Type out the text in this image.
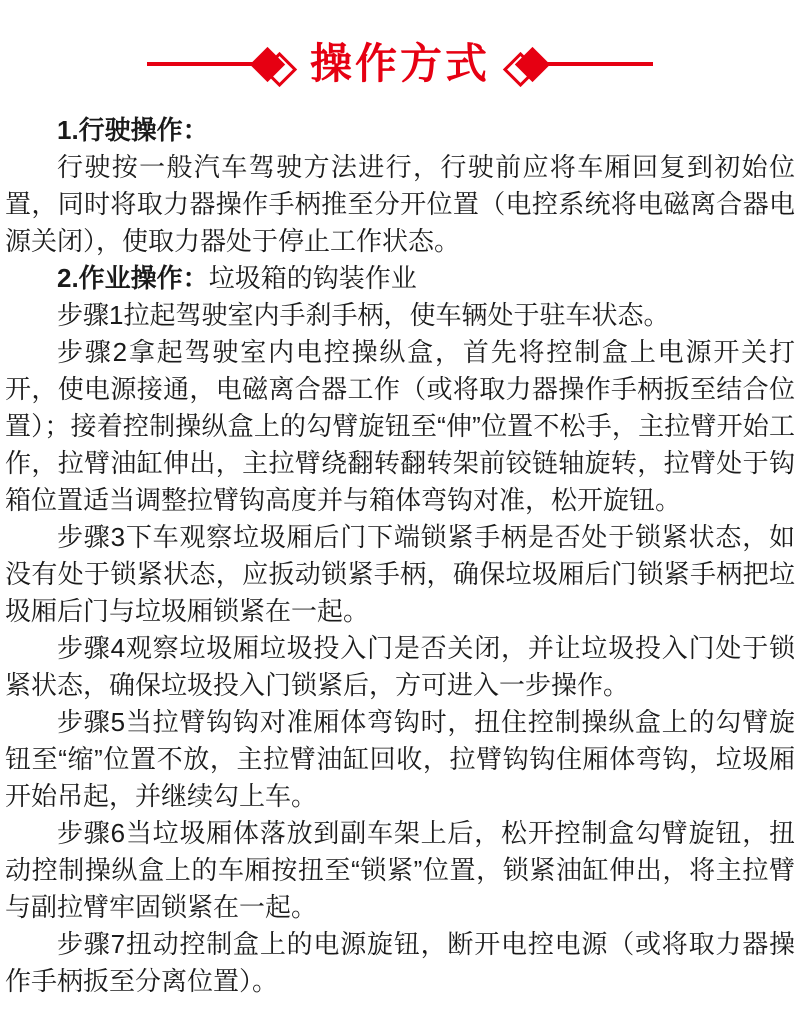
操作方式

1.行驶操作：

行驶按一般汽车驾驶方法进行，行驶前应将车厢回复到初始位置，同时将取力器操作手柄推至分开位置（电控系统将电磁离合器电源关闭），使取力器处于停止工作状态。

2.作业操作：垃圾箱的钩装作业

步骤1拉起驾驶室内手刹手柄，使车辆处于驻车状态。

步骤2拿起驾驶室内电控操纵盒，首先将控制盒上电源开关打开，使电源接通，电磁离合器工作（或将取力器操作手柄扳至结合位置）；接着控制操纵盒上的勾臂旋钮至“伸”位置不松手，主拉臂开始工作，拉臂油缸伸出，主拉臂绕翻转翻转架前铰链轴旋转，拉臂处于钩箱位置适当调整拉臂钩高度并与箱体弯钩对准，松开旋钮。

步骤3下车观察垃圾厢后门下端锁紧手柄是否处于锁紧状态，如没有处于锁紧状态，应扳动锁紧手柄，确保垃圾厢后门锁紧手柄把垃圾厢后门与垃圾厢锁紧在一起。

步骤4观察垃圾厢垃圾投入门是否关闭，并让垃圾投入门处于锁紧状态，确保垃圾投入门锁紧后，方可进入一步操作。

步骤5当拉臂钩钩对准厢体弯钩时，扭住控制操纵盒上的勾臂旋钮至“缩”位置不放，主拉臂油缸回收，拉臂钩钩住厢体弯钩，垃圾厢开始吊起，并继续勾上车。

步骤6当垃圾厢体落放到副车架上后，松开控制盒勾臂旋钮，扭动控制操纵盒上的车厢按扭至“锁紧”位置，锁紧油缸伸出，将主拉臂与副拉臂牢固锁紧在一起。

步骤7扭动控制盒上的电源旋钮，断开电控电源（或将取力器操作手柄扳至分离位置）。
